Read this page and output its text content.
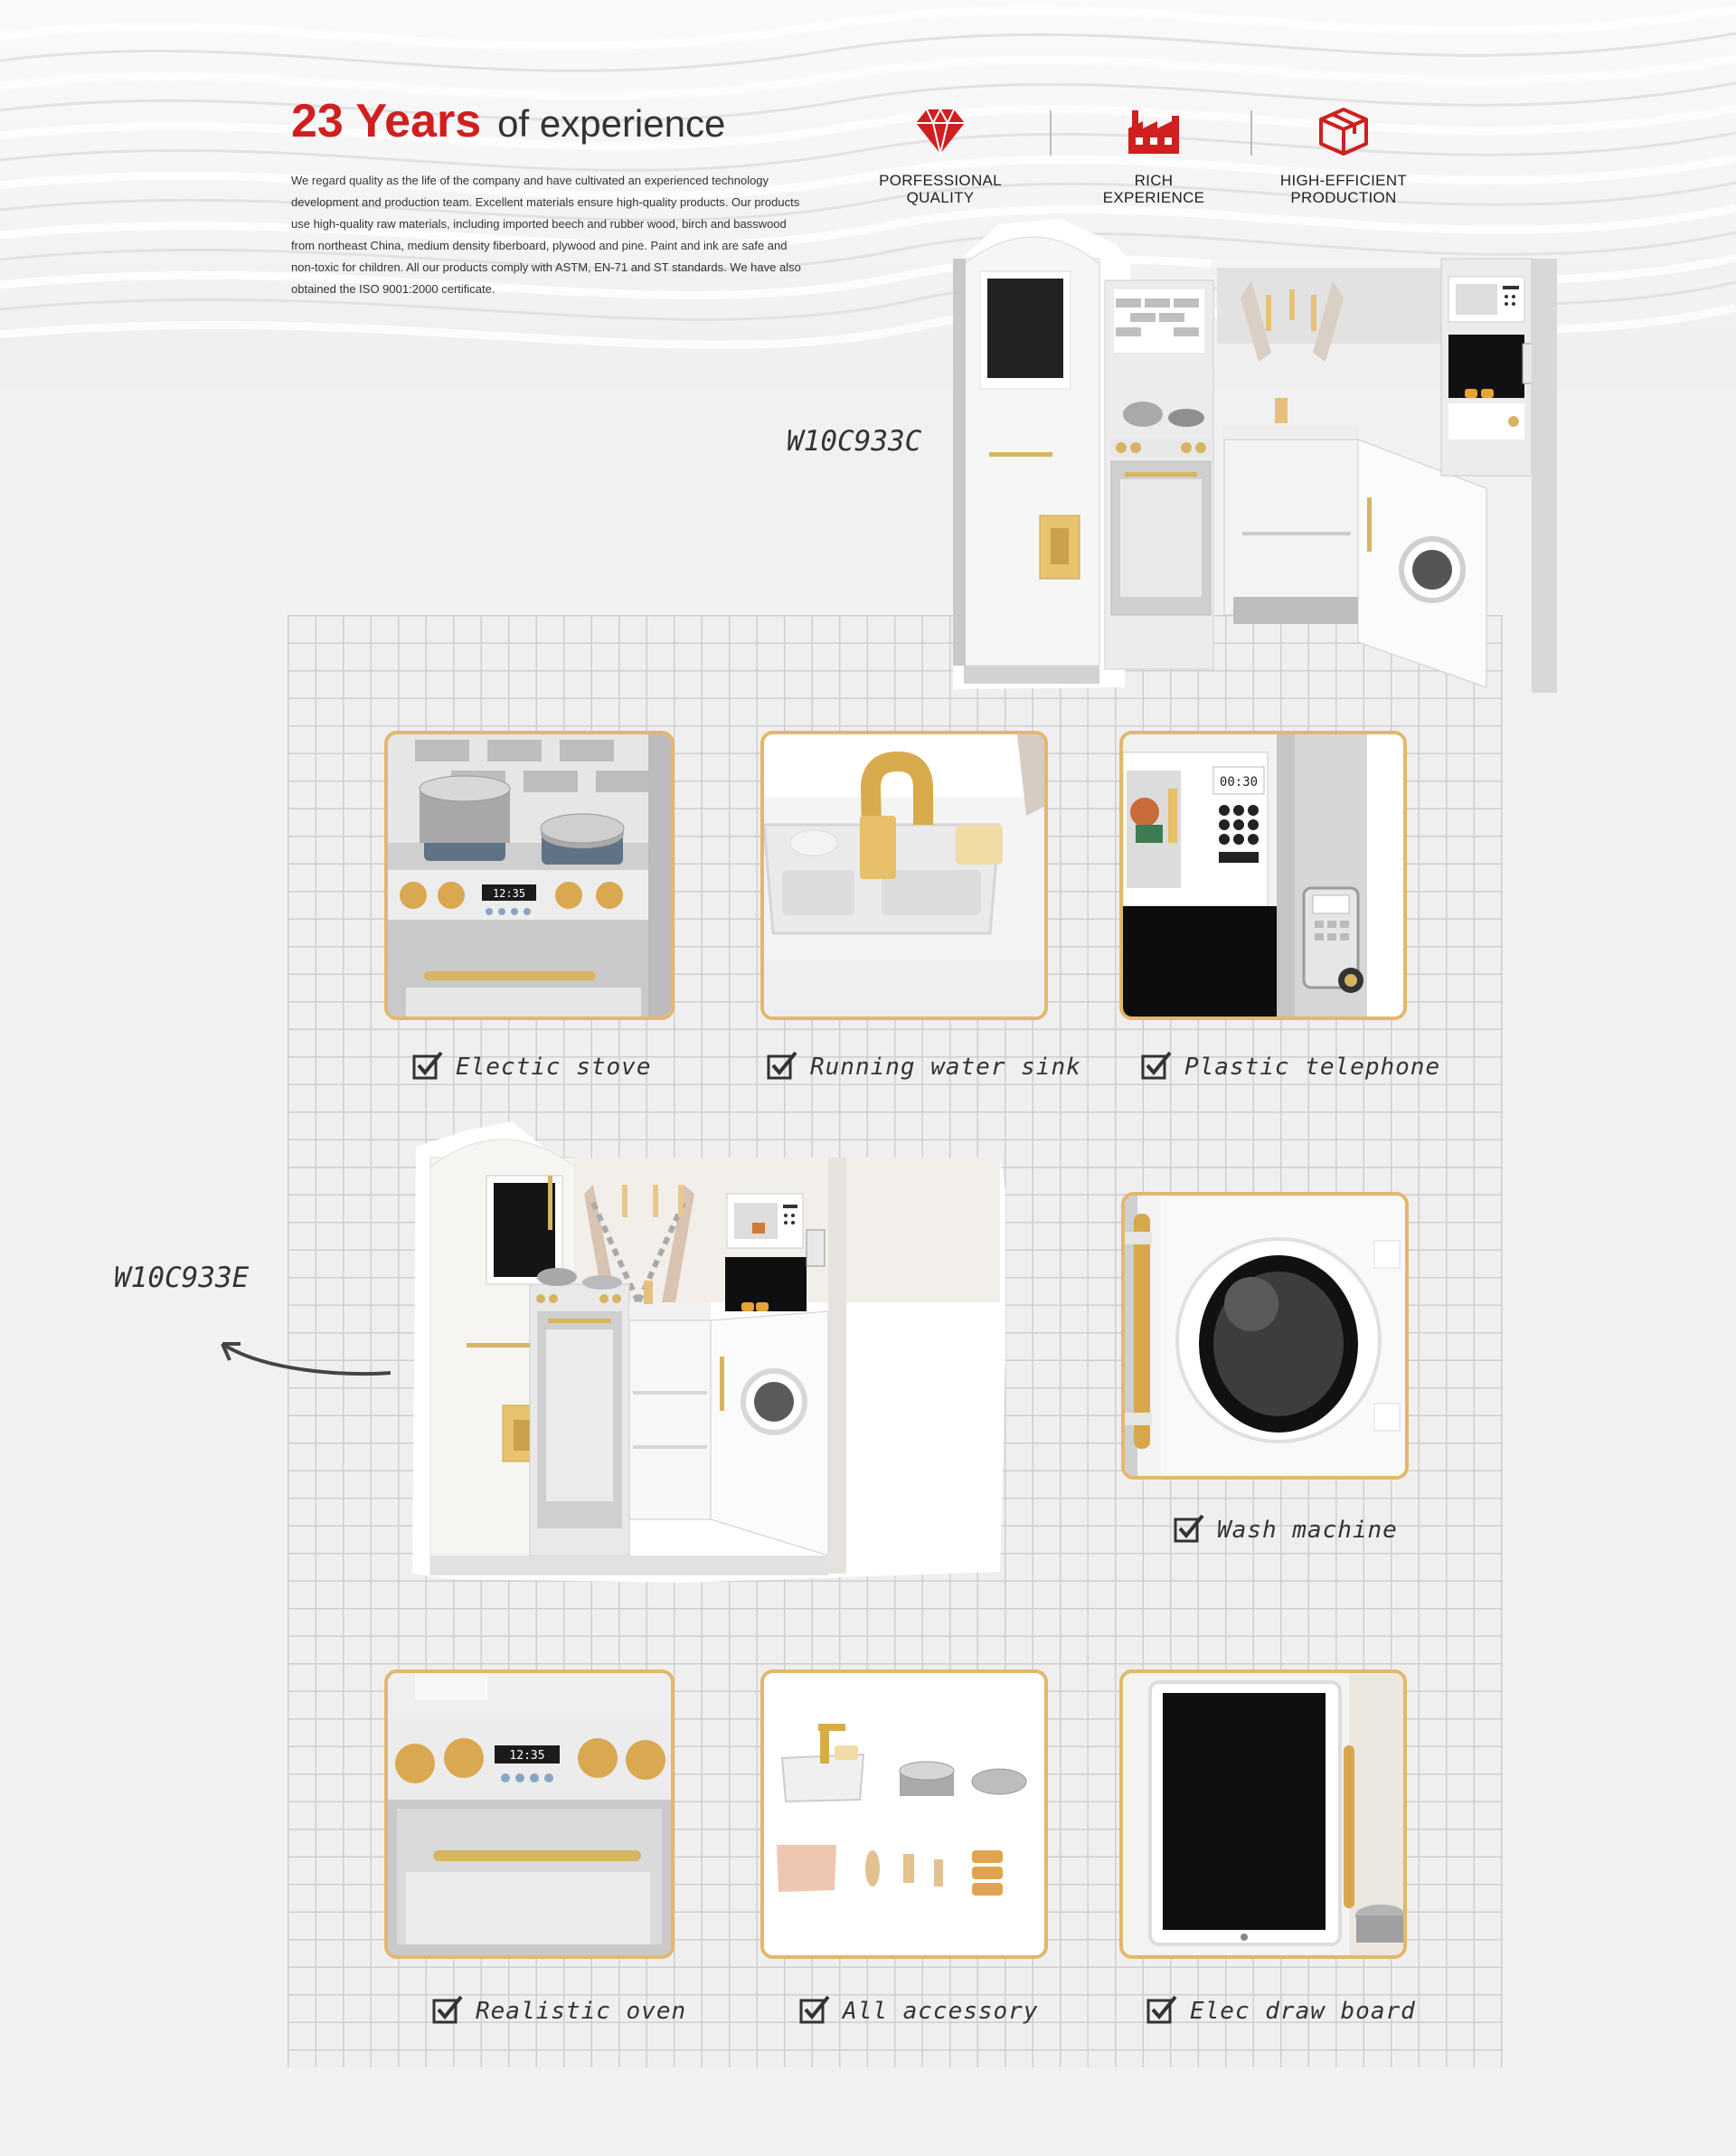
23 Years of experience
We regard quality as the life of the company and have cultivated an experienced technology development and production team. Excellent materials ensure high-quality products. Our products use high-quality raw materials, including imported beech and rubber wood, birch and basswood from northeast China, medium density fiberboard, plywood and pine. Paint and ink are safe and non-toxic for children. All our products comply with ASTM, EN-71 and ST standards. We have also obtained the ISO 9001:2000 certificate.
PORFESSIONAL
QUALITY
RICH
EXPERIENCE
HIGH-EFFICIENT
PRODUCTION
W10C933C
12:35
00:30
Electic stove	Running water sink	Plastic telephone
W10C933E
Wash machine
12:35
Realistic oven	All accessory	Elec draw board
